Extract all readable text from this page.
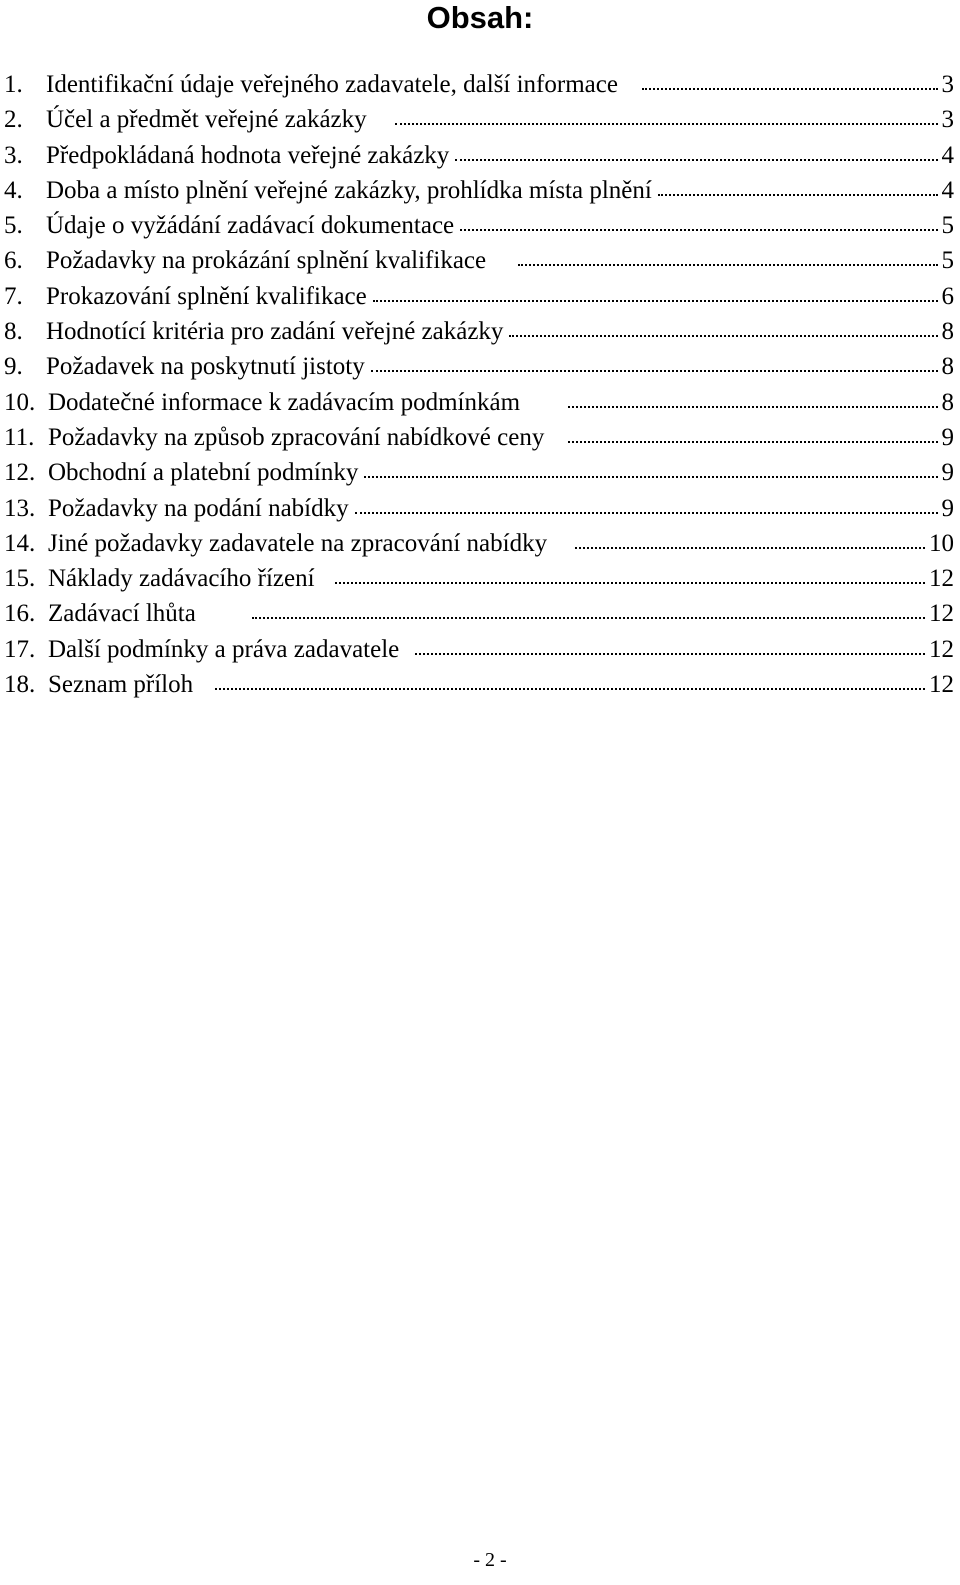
Obsah:
1. Identifikační údaje veřejného zadavatele, další informace	3
2. Účel a předmět veřejné zakázky	3
3. Předpokládaná hodnota veřejné zakázky	4
4. Doba a místo plnění veřejné zakázky, prohlídka místa plnění	4
5. Údaje o vyžádání zadávací dokumentace	5
6. Požadavky na prokázání splnění kvalifikace	5
7. Prokazování splnění kvalifikace	6
8. Hodnotící kritéria pro zadání veřejné zakázky	8
9. Požadavek na poskytnutí jistoty	8
10. Dodatečné informace k zadávacím podmínkám	8
11. Požadavky na způsob zpracování nabídkové ceny	9
12. Obchodní a platební podmínky	9
13. Požadavky na podání nabídky	9
14. Jiné požadavky zadavatele na zpracování nabídky	10
15. Náklady zadávacího řízení	12
16. Zadávací lhůta	12
17. Další podmínky a práva zadavatele	12
18. Seznam příloh	12
- 2 -
